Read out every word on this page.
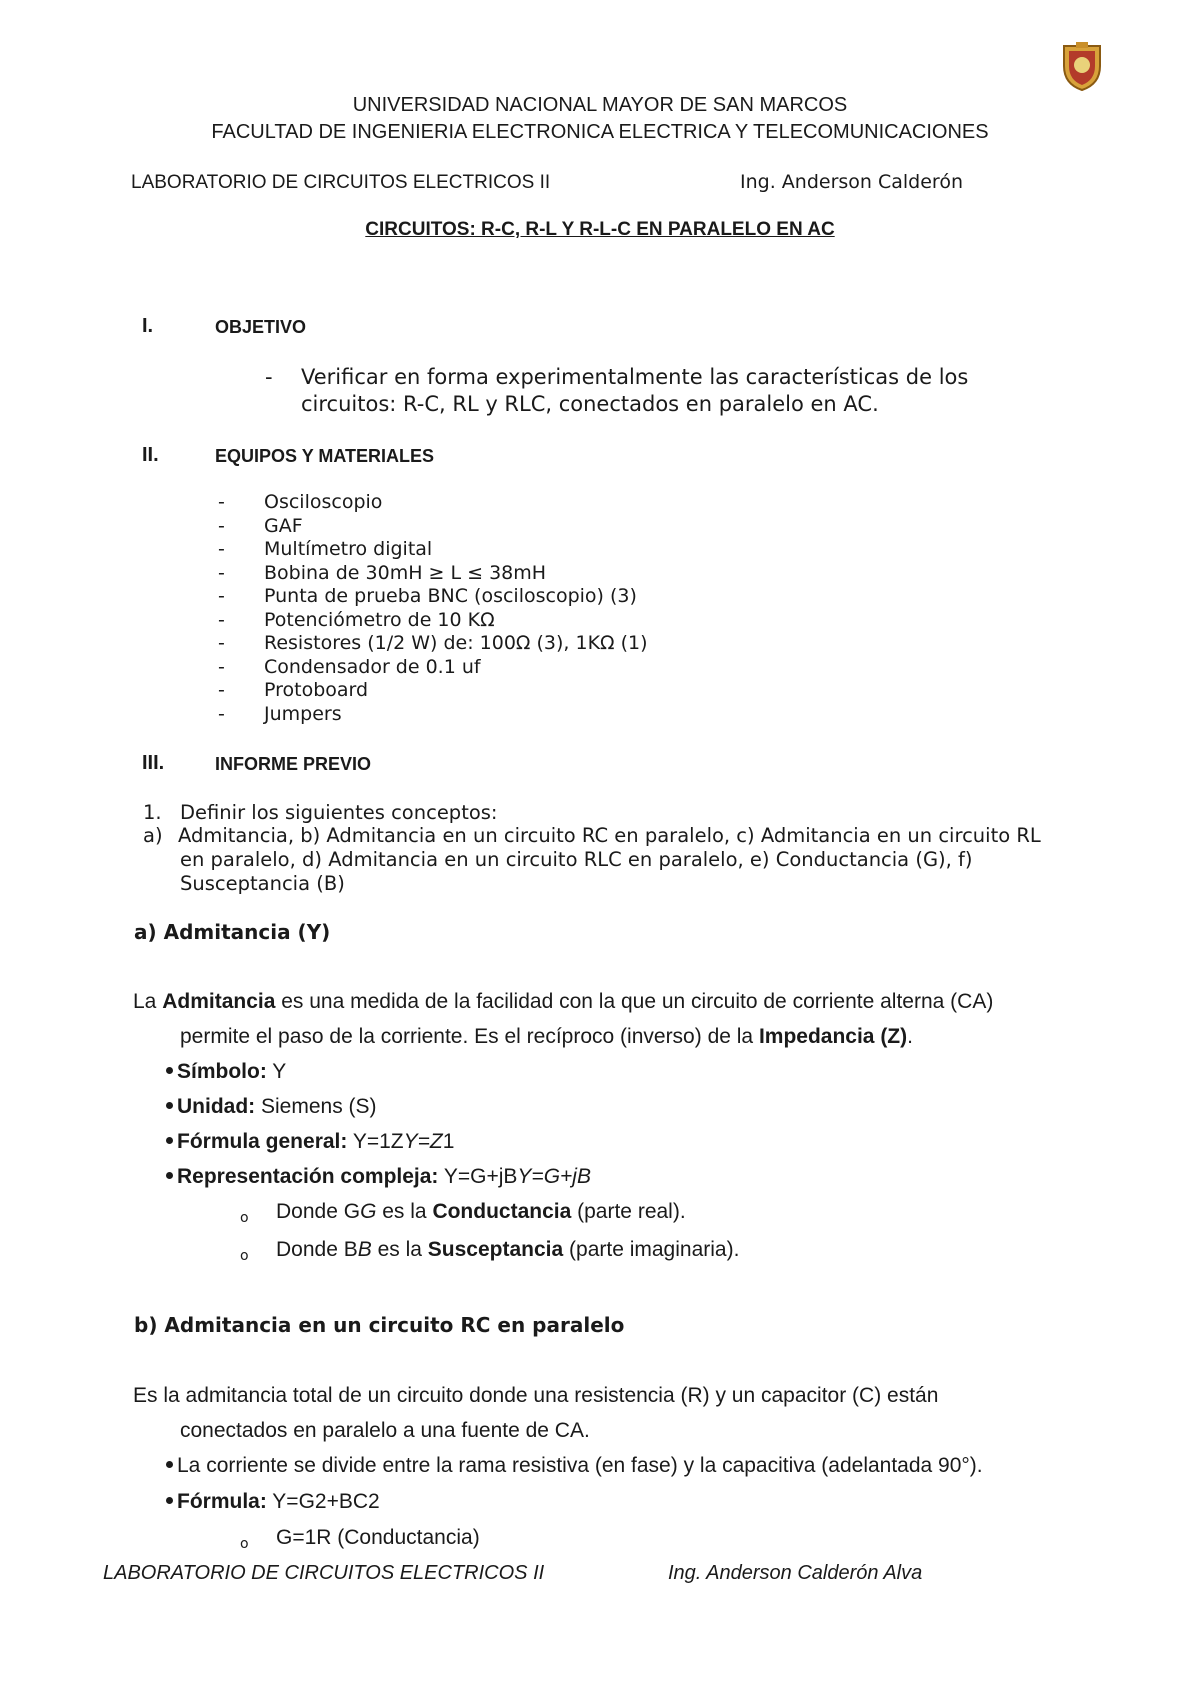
UNIVERSIDAD NACIONAL MAYOR DE SAN MARCOS
FACULTAD DE INGENIERIA ELECTRONICA ELECTRICA Y TELECOMUNICACIONES
LABORATORIO DE CIRCUITOS ELECTRICOS II	Ing. Anderson Calderón
CIRCUITOS: R-C, R-L Y R-L-C EN PARALELO EN AC
I.	OBJETIVO
- Verificar en forma experimentalmente las características de los
circuitos: R-C, RL y RLC, conectados en paralelo en AC.
II.	EQUIPOS Y MATERIALES
- Osciloscopio
- GAF
- Multímetro digital
- Bobina de 30mH ≥ L ≤ 38mH
- Punta de prueba BNC (osciloscopio) (3)
- Potenciómetro de 10 KΩ
- Resistores (1/2 W) de: 100Ω (3), 1KΩ (1)
- Condensador de 0.1 uf
- Protoboard
- Jumpers
III.	INFORME PREVIO
1. Definir los siguientes conceptos:
a) Admitancia, b) Admitancia en un circuito RC en paralelo, c) Admitancia en un circuito RL
en paralelo, d) Admitancia en un circuito RLC en paralelo, e) Conductancia (G), f)
Susceptancia (B)
a) Admitancia (Y)
La Admitancia es una medida de la facilidad con la que un circuito de corriente alterna (CA)
permite el paso de la corriente. Es el recíproco (inverso) de la Impedancia (Z).
Símbolo: Y
Unidad: Siemens (S)
Fórmula general: Y=1ZY=Z1
Representación compleja: Y=G+jBY=G+jB
o Donde GG es la Conductancia (parte real).
o Donde BB es la Susceptancia (parte imaginaria).
b) Admitancia en un circuito RC en paralelo
Es la admitancia total de un circuito donde una resistencia (R) y un capacitor (C) están
conectados en paralelo a una fuente de CA.
La corriente se divide entre la rama resistiva (en fase) y la capacitiva (adelantada 90°).
Fórmula: Y=G2+BC2
o G=1R (Conductancia)
LABORATORIO DE CIRCUITOS ELECTRICOS II	Ing. Anderson Calderón Alva
